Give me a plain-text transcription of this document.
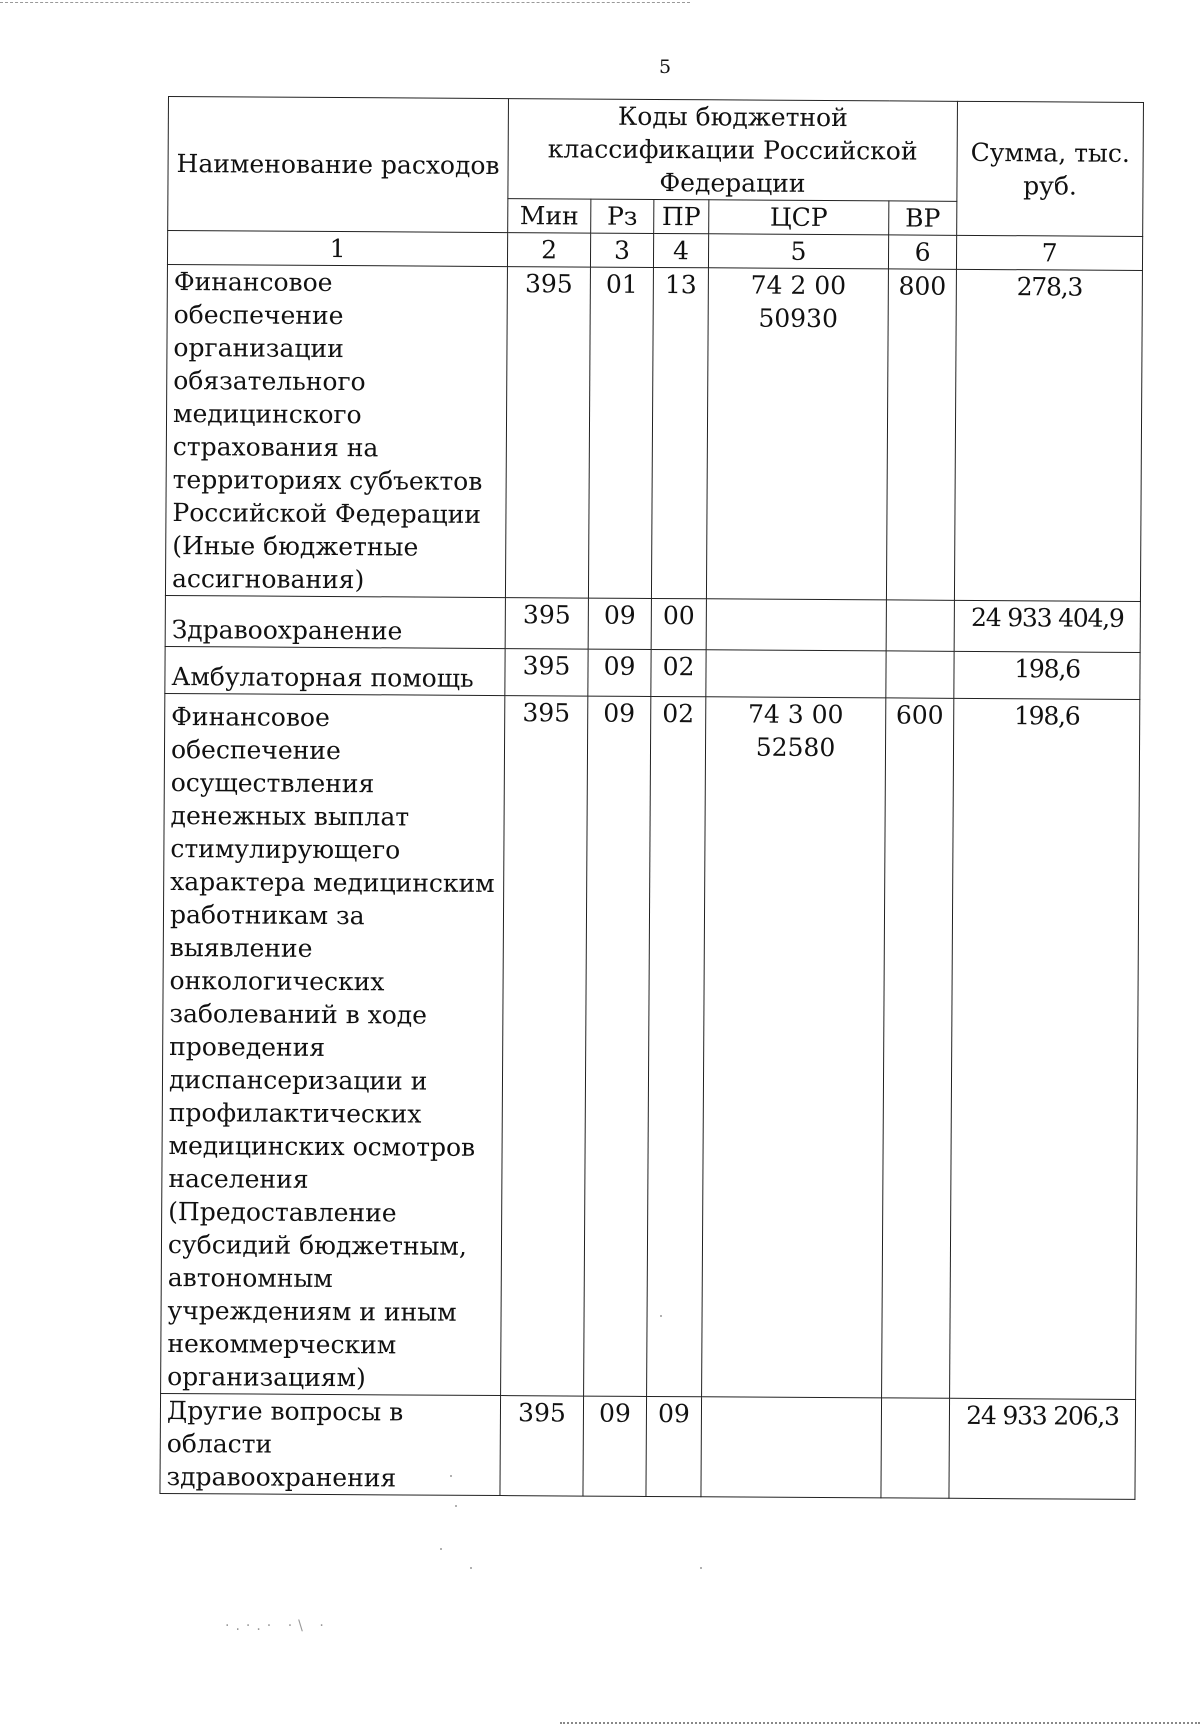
5
Наименование расходов	Коды бюджетной классификации Российской Федерации					Сумма, тыс. руб.
	Мин	Рз	ПР	ЦСР	ВР	
1	2	3	4	5	6	7
Финансовое обеспечение организации обязательного медицинского страхования на территориях субъектов Российской Федерации (Иные бюджетные ассигнования)	395	01	13	74 2 00 50930	800	278,3
Здравоохранение	395	09	00			24 933 404,9
Амбулаторная помощь	395	09	02			198,6
Финансовое обеспечение осуществления денежных выплат стимулирующего характера медицинским работникам за выявление онкологических заболеваний в ходе проведения диспансеризации и профилактических медицинских осмотров населения (Предоставление субсидий бюджетным, автономным учреждениям и иным некоммерческим организациям)	395	09	02	74 3 00 52580	600	198,6
Другие вопросы в области здравоохранения	395	09	09			24 933 206,3
·.·.· ·\ ·
